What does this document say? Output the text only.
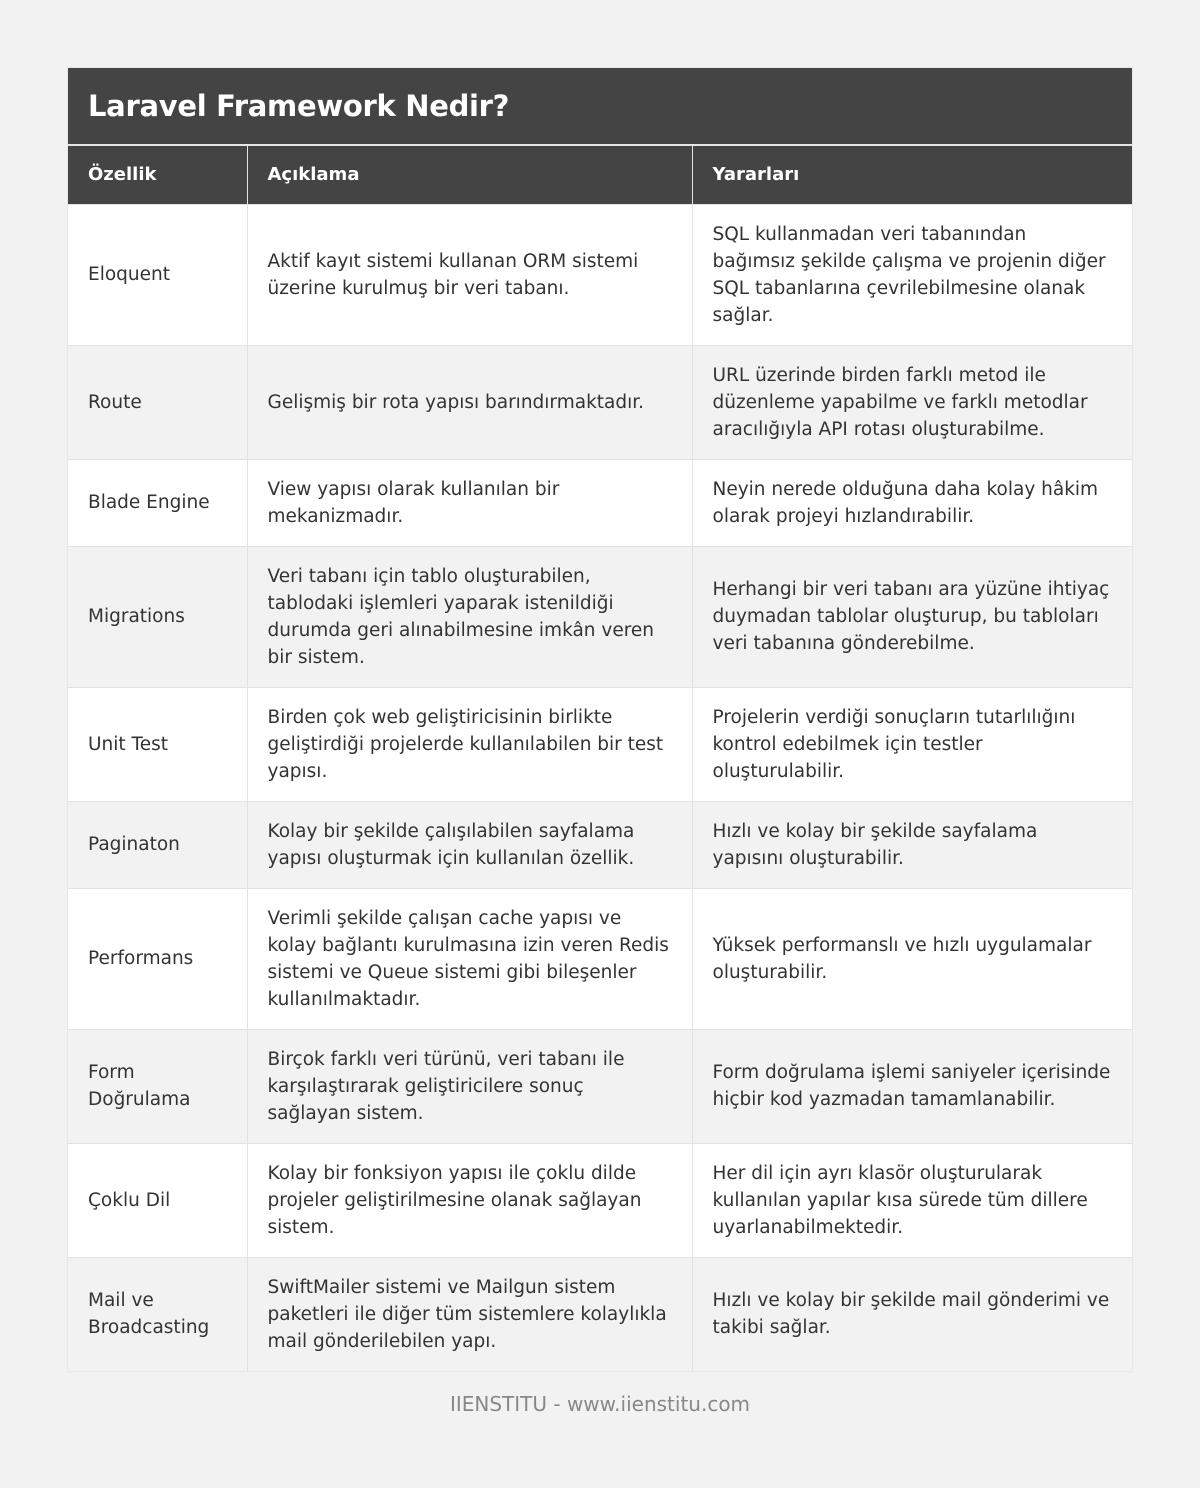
Laravel Framework Nedir?
Özellik	Açıklama	Yararları
Eloquent	Aktif kayıt sistemi kullanan ORM sistemi üzerine kurulmuş bir veri tabanı.	SQL kullanmadan veri tabanından bağımsız şekilde çalışma ve projenin diğer SQL tabanlarına çevrilebilmesine olanak sağlar.
Route	Gelişmiş bir rota yapısı barındırmaktadır.	URL üzerinde birden farklı metod ile düzenleme yapabilme ve farklı metodlar aracılığıyla API rotası oluşturabilme.
Blade Engine	View yapısı olarak kullanılan bir mekanizmadır.	Neyin nerede olduğuna daha kolay hâkim olarak projeyi hızlandırabilir.
Migrations	Veri tabanı için tablo oluşturabilen, tablodaki işlemleri yaparak istenildiği durumda geri alınabilmesine imkân veren bir sistem.	Herhangi bir veri tabanı ara yüzüne ihtiyaç duymadan tablolar oluşturup, bu tabloları veri tabanına gönderebilme.
Unit Test	Birden çok web geliştiricisinin birlikte geliştirdiği projelerde kullanılabilen bir test yapısı.	Projelerin verdiği sonuçların tutarlılığını kontrol edebilmek için testler oluşturulabilir.
Paginaton	Kolay bir şekilde çalışılabilen sayfalama yapısı oluşturmak için kullanılan özellik.	Hızlı ve kolay bir şekilde sayfalama yapısını oluşturabilir.
Performans	Verimli şekilde çalışan cache yapısı ve kolay bağlantı kurulmasına izin veren Redis sistemi ve Queue sistemi gibi bileşenler kullanılmaktadır.	Yüksek performanslı ve hızlı uygulamalar oluşturabilir.
Form Doğrulama	Birçok farklı veri türünü, veri tabanı ile karşılaştırarak geliştiricilere sonuç sağlayan sistem.	Form doğrulama işlemi saniyeler içerisinde hiçbir kod yazmadan tamamlanabilir.
Çoklu Dil	Kolay bir fonksiyon yapısı ile çoklu dilde projeler geliştirilmesine olanak sağlayan sistem.	Her dil için ayrı klasör oluşturularak kullanılan yapılar kısa sürede tüm dillere uyarlanabilmektedir.
Mail ve Broadcasting	SwiftMailer sistemi ve Mailgun sistem paketleri ile diğer tüm sistemlere kolaylıkla mail gönderilebilen yapı.	Hızlı ve kolay bir şekilde mail gönderimi ve takibi sağlar.
IIENSTITU - www.iienstitu.com
